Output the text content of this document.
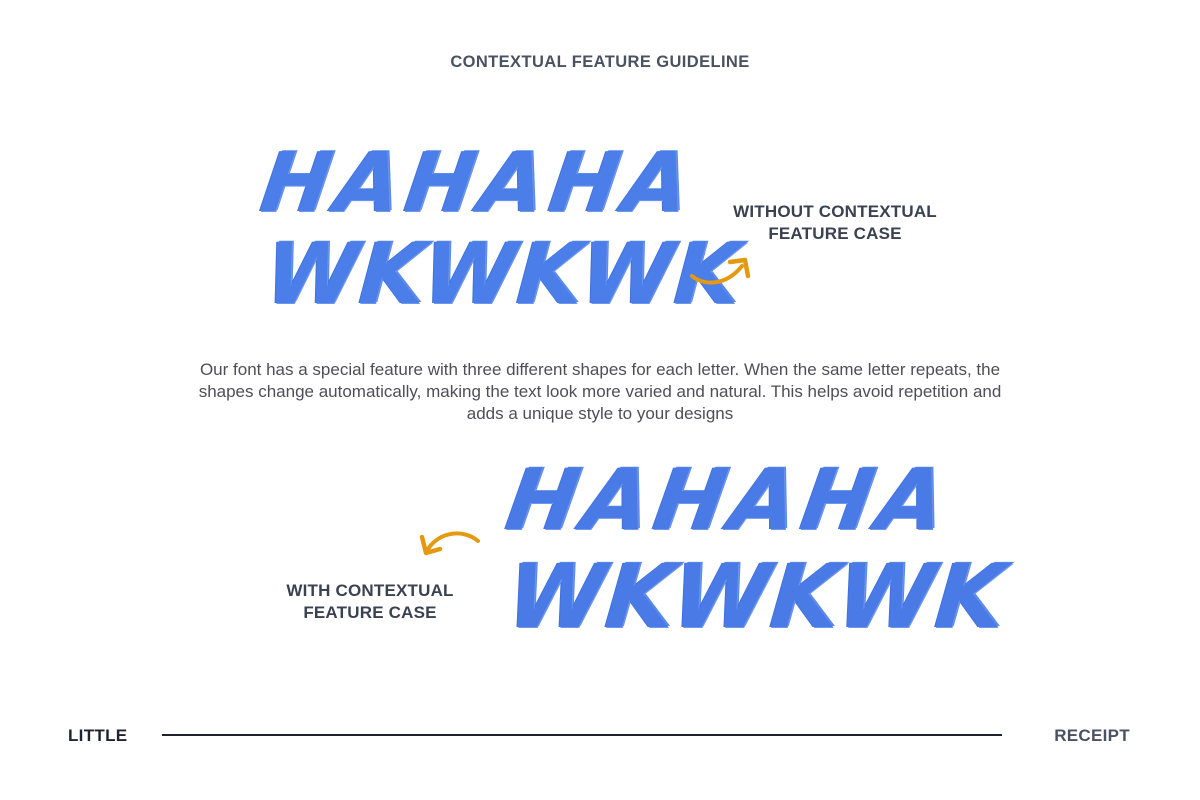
CONTEXTUAL FEATURE GUIDELINE
HAHAHA
WKWKWK
WITHOUT CONTEXTUAL
FEATURE CASE
Our font has a special feature with three different shapes for each letter. When the same letter repeats, the shapes change automatically, making the text look more varied and natural. This helps avoid repetition and adds a unique style to your designs
HAHAHA
WKWKWK
WITH CONTEXTUAL
FEATURE CASE
LITTLE	RECEIPT
